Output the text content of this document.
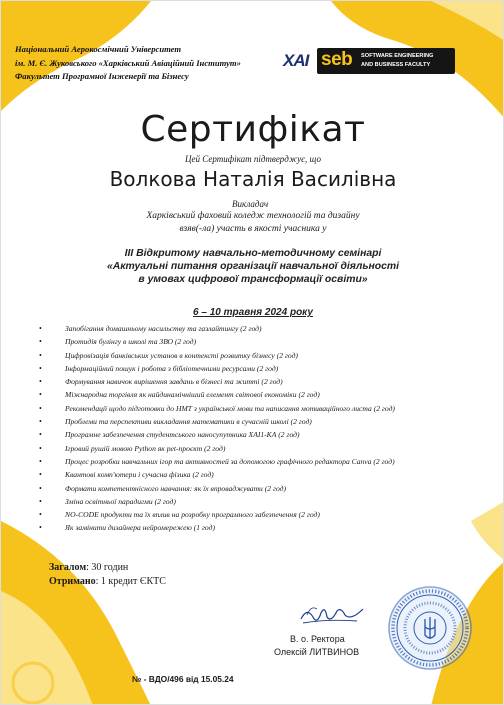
Національний Аерокосмічний Університет
ім. М. Є. Жуковського «Харківський Авіаційний Інститут»
Факультет Програмної Інженерії та Бізнесу
XAI seb SOFTWARE ENGINEERING
AND BUSINESS FACULTY
Сертифікат
Цей Сертифікат підтверджує, що
Волкова Наталія Василівна
Викладач
Харківський фаховий коледж технологій та дизайну
взяв(-ла) участь в якості учасника у
ІІІ Відкритому навчально-методичному семінарі
«Актуальні питання організації навчальної діяльності
в умовах цифрової трансформації освіти»
6 – 10 травня 2024 року
• Запобігання домашньому насильству та газлайтингу (2 год)
• Протидія булінгу в школі та ЗВО (2 год)
• Цифровізація банківських установ в контексті розвитку бізнесу (2 год)
• Інформаційний пошук і робота з бібліотечними ресурсами (2 год)
• Формування навичок вирішення завдань в бізнесі та житті (2 год)
• Міжнародна торгівля як найдинамічніший елемент світової економіки (2 год)
• Рекомендації щодо підготовки до НМТ з української мови та написання мотиваційного листа (2 год)
• Проблеми та перспективи викладання математики в сучасній школі (2 год)
• Програмне забезпечення студентського наносупутника ХАІ1-КА (2 год)
• Ігровий рушій мовою Python як pet-проєкт (2 год)
• Процес розробки навчальних ігор та активностей за допомогою графічного редактора Canva (2 год)
• Квантові комп'ютери і сучасна фізика (2 год)
• Формати компетентнісного навчання: як їх впроваджувати (2 год)
• Зміна освітньої парадигми (2 год)
• NO-CODE продукти та їх вплив на розробку програмного забезпечення (2 год)
• Як замінити дизайнера нейромережею (1 год)
Загалом: 30 годин
Отримано: 1 кредит ЄКТС
В. о. Ректора
Олексій ЛИТВИНОВ
№ - ВДО/496 від 15.05.24
